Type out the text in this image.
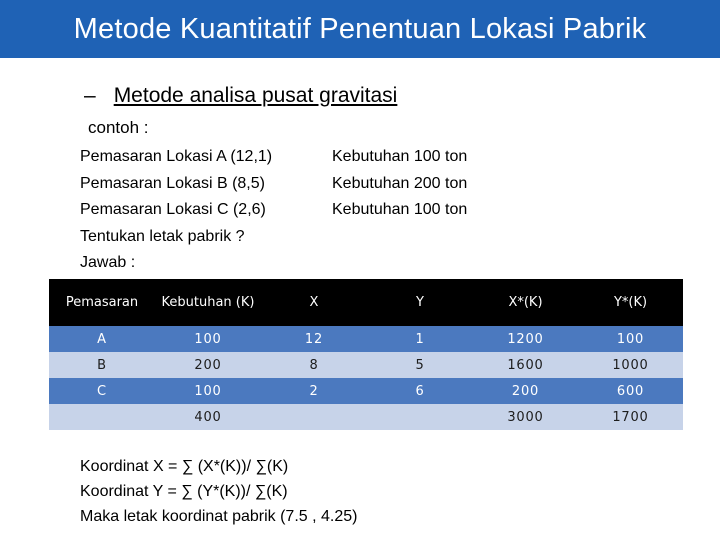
Metode Kuantitatif Penentuan Lokasi Pabrik
– Metode analisa pusat gravitasi
contoh :
Pemasaran Lokasi A (12,1)	Kebutuhan 100 ton
Pemasaran Lokasi B (8,5)	Kebutuhan 200 ton
Pemasaran Lokasi C (2,6)	Kebutuhan 100 ton
Tentukan letak pabrik ?
Jawab :
Pemasaran	Kebutuhan (K)	X	Y	X*(K)	Y*(K)
A	100	12	1	1200	100
B	200	8	5	1600	1000
C	100	2	6	200	600
	400			3000	1700
Koordinat X = ∑ (X*(K))/ ∑(K)
Koordinat Y = ∑ (Y*(K))/ ∑(K)
Maka letak koordinat pabrik (7.5 , 4.25)
